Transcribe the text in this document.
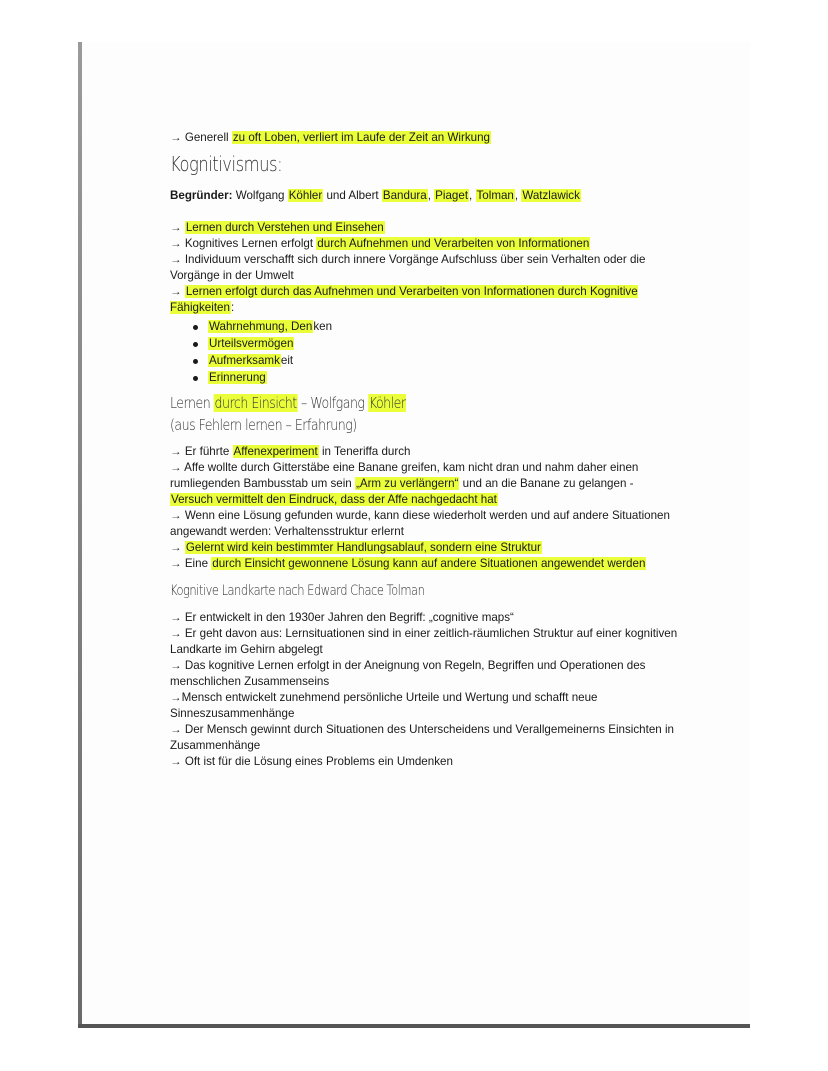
→ Generell zu oft Loben, verliert im Laufe der Zeit an Wirkung
Kognitivismus:
Begründer: Wolfgang Köhler und Albert Bandura, Piaget, Tolman, Watzlawick
→ Lernen durch Verstehen und Einsehen
→ Kognitives Lernen erfolgt durch Aufnehmen und Verarbeiten von Informationen
→ Individuum verschafft sich durch innere Vorgänge Aufschluss über sein Verhalten oder die Vorgänge in der Umwelt
→ Lernen erfolgt durch das Aufnehmen und Verarbeiten von Informationen durch Kognitive Fähigkeiten:
Wahrnehmung, Denken
Urteilsvermögen
Aufmerksamkeit
Erinnerung
Lernen durch Einsicht – Wolfgang Köhler
(aus Fehlern lernen – Erfahrung)
→ Er führte Affenexperiment in Teneriffa durch
→ Affe wollte durch Gitterstäbe eine Banane greifen, kam nicht dran und nahm daher einen rumliegenden Bambusstab um sein „Arm zu verlängern“ und an die Banane zu gelangen -
Versuch vermittelt den Eindruck, dass der Affe nachgedacht hat
→ Wenn eine Lösung gefunden wurde, kann diese wiederholt werden und auf andere Situationen angewandt werden: Verhaltensstruktur erlernt
→ Gelernt wird kein bestimmter Handlungsablauf, sondern eine Struktur
→ Eine durch Einsicht gewonnene Lösung kann auf andere Situationen angewendet werden
Kognitive Landkarte nach Edward Chace Tolman
→ Er entwickelt in den 1930er Jahren den Begriff: „cognitive maps“
→ Er geht davon aus: Lernsituationen sind in einer zeitlich-räumlichen Struktur auf einer kognitiven Landkarte im Gehirn abgelegt
→ Das kognitive Lernen erfolgt in der Aneignung von Regeln, Begriffen und Operationen des menschlichen Zusammenseins
→Mensch entwickelt zunehmend persönliche Urteile und Wertung und schafft neue Sinneszusammenhänge
→ Der Mensch gewinnt durch Situationen des Unterscheidens und Verallgemeinerns Einsichten in Zusammenhänge
→ Oft ist für die Lösung eines Problems ein Umdenken
